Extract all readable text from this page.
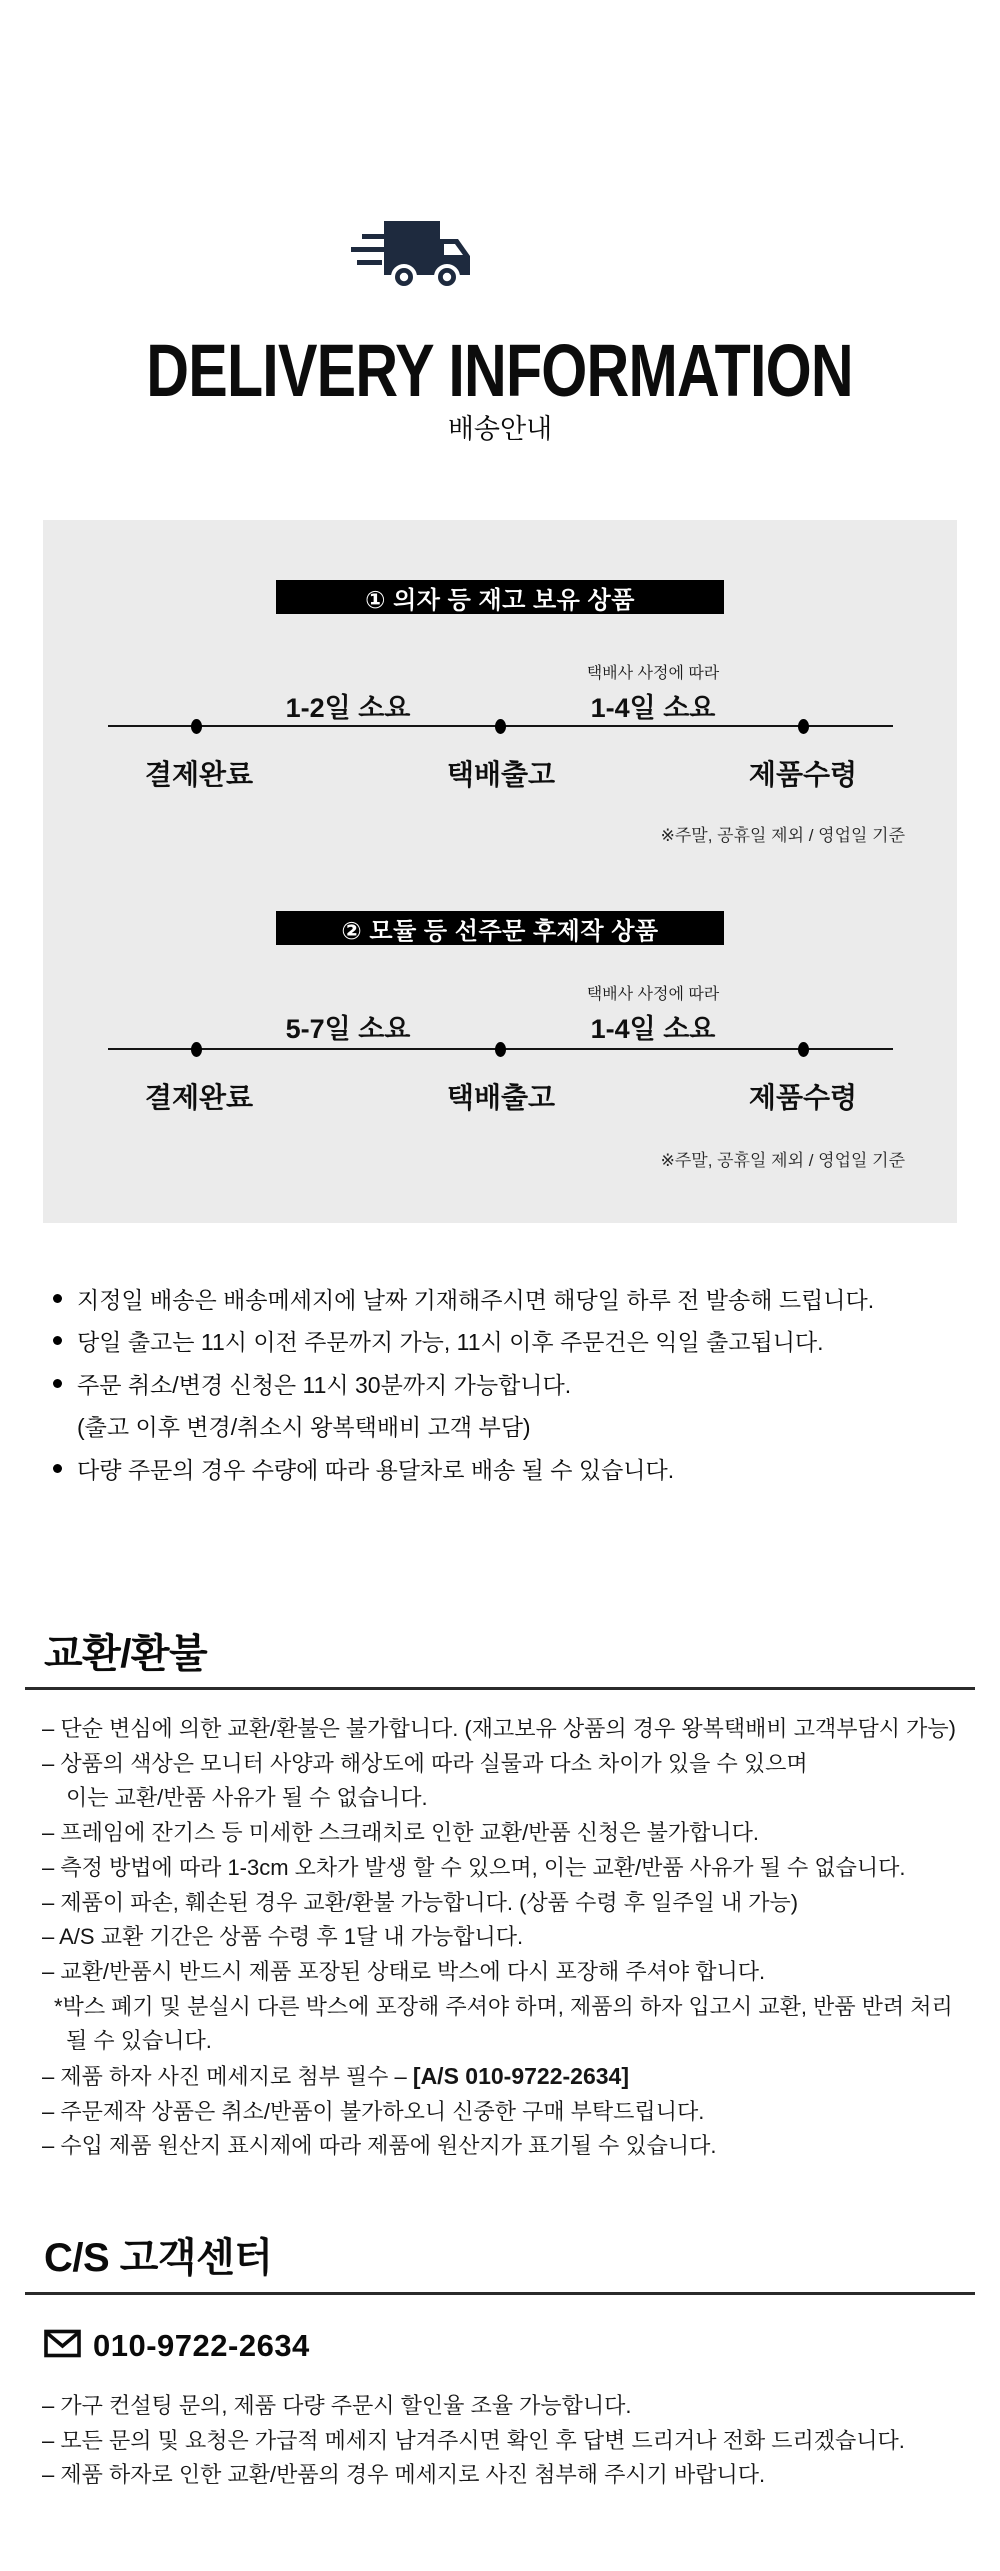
DELIVERY INFORMATION
배송안내
① 의자 등 재고 보유 상품
택배사 사정에 따라
1-2일 소요	1-4일 소요
결제완료	택배출고	제품수령
※주말, 공휴일 제외 / 영업일 기준
② 모듈 등 선주문 후제작 상품
택배사 사정에 따라
5-7일 소요	1-4일 소요
결제완료	택배출고	제품수령
※주말, 공휴일 제외 / 영업일 기준
지정일 배송은 배송메세지에 날짜 기재해주시면 해당일 하루 전 발송해 드립니다.
당일 출고는 11시 이전 주문까지 가능, 11시 이후 주문건은 익일 출고됩니다.
주문 취소/변경 신청은 11시 30분까지 가능합니다.
(출고 이후 변경/취소시 왕복택배비 고객 부담)
다량 주문의 경우 수량에 따라 용달차로 배송 될 수 있습니다.
교환/환불
– 단순 변심에 의한 교환/환불은 불가합니다. (재고보유 상품의 경우 왕복택배비 고객부담시 가능)
– 상품의 색상은 모니터 사양과 해상도에 따라 실물과 다소 차이가 있을 수 있으며
이는 교환/반품 사유가 될 수 없습니다.
– 프레임에 잔기스 등 미세한 스크래치로 인한 교환/반품 신청은 불가합니다.
– 측정 방법에 따라 1-3cm 오차가 발생 할 수 있으며, 이는 교환/반품 사유가 될 수 없습니다.
– 제품이 파손, 훼손된 경우 교환/환불 가능합니다. (상품 수령 후 일주일 내 가능)
– A/S 교환 기간은 상품 수령 후 1달 내 가능합니다.
– 교환/반품시 반드시 제품 포장된 상태로 박스에 다시 포장해 주셔야 합니다.
*박스 폐기 및 분실시 다른 박스에 포장해 주셔야 하며, 제품의 하자 입고시 교환, 반품 반려 처리
될 수 있습니다.
– 제품 하자 사진 메세지로 첨부 필수 – [A/S 010-9722-2634]
– 주문제작 상품은 취소/반품이 불가하오니 신중한 구매 부탁드립니다.
– 수입 제품 원산지 표시제에 따라 제품에 원산지가 표기될 수 있습니다.
C/S 고객센터
010-9722-2634
– 가구 컨설팅 문의, 제품 다량 주문시 할인율 조율 가능합니다.
– 모든 문의 및 요청은 가급적 메세지 남겨주시면 확인 후 답변 드리거나 전화 드리겠습니다.
– 제품 하자로 인한 교환/반품의 경우 메세지로 사진 첨부해 주시기 바랍니다.
